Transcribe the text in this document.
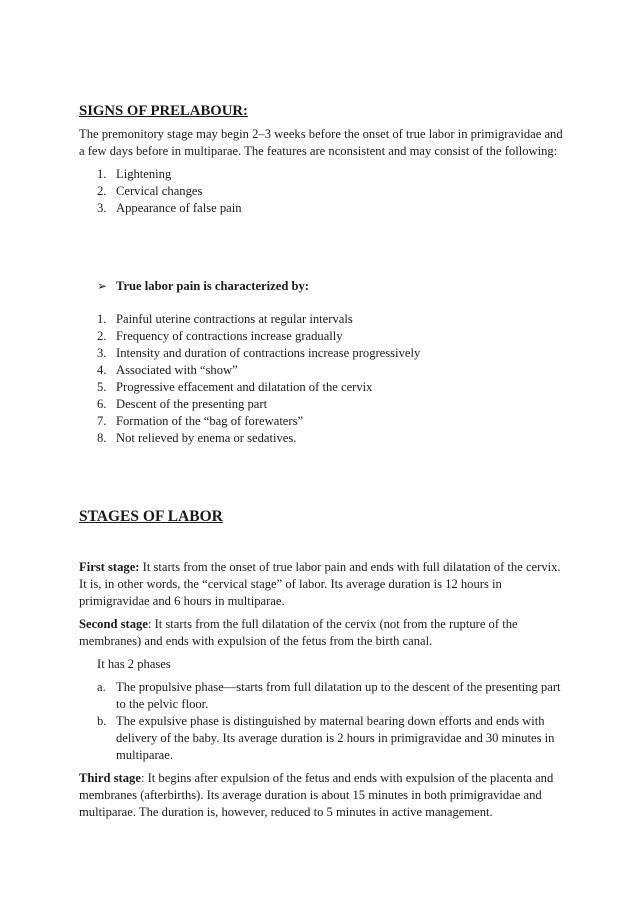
SIGNS OF PRELABOUR:

The premonitory stage may begin 2–3 weeks before the onset of true labor in primigravidae and a few days before in multiparae. The features are nconsistent and may consist of the following:

1. Lightening
2. Cervical changes
3. Appearance of false pain
➢ True labor pain is characterized by:
1. Painful uterine contractions at regular intervals
2. Frequency of contractions increase gradually
3. Intensity and duration of contractions increase progressively
4. Associated with “show”
5. Progressive effacement and dilatation of the cervix
6. Descent of the presenting part
7. Formation of the “bag of forewaters”
8. Not relieved by enema or sedatives.
STAGES OF LABOR

First stage: It starts from the onset of true labor pain and ends with full dilatation of the cervix. It is, in other words, the “cervical stage” of labor. Its average duration is 12 hours in primigravidae and 6 hours in multiparae.

Second stage: It starts from the full dilatation of the cervix (not from the rupture of the membranes) and ends with expulsion of the fetus from the birth canal.

It has 2 phases

a. The propulsive phase—starts from full dilatation up to the descent of the presenting part to the pelvic floor.
b. The expulsive phase is distinguished by maternal bearing down efforts and ends with delivery of the baby. Its average duration is 2 hours in primigravidae and 30 minutes in multiparae.

Third stage: It begins after expulsion of the fetus and ends with expulsion of the placenta and membranes (afterbirths). Its average duration is about 15 minutes in both primigravidae and multiparae. The duration is, however, reduced to 5 minutes in active management.
